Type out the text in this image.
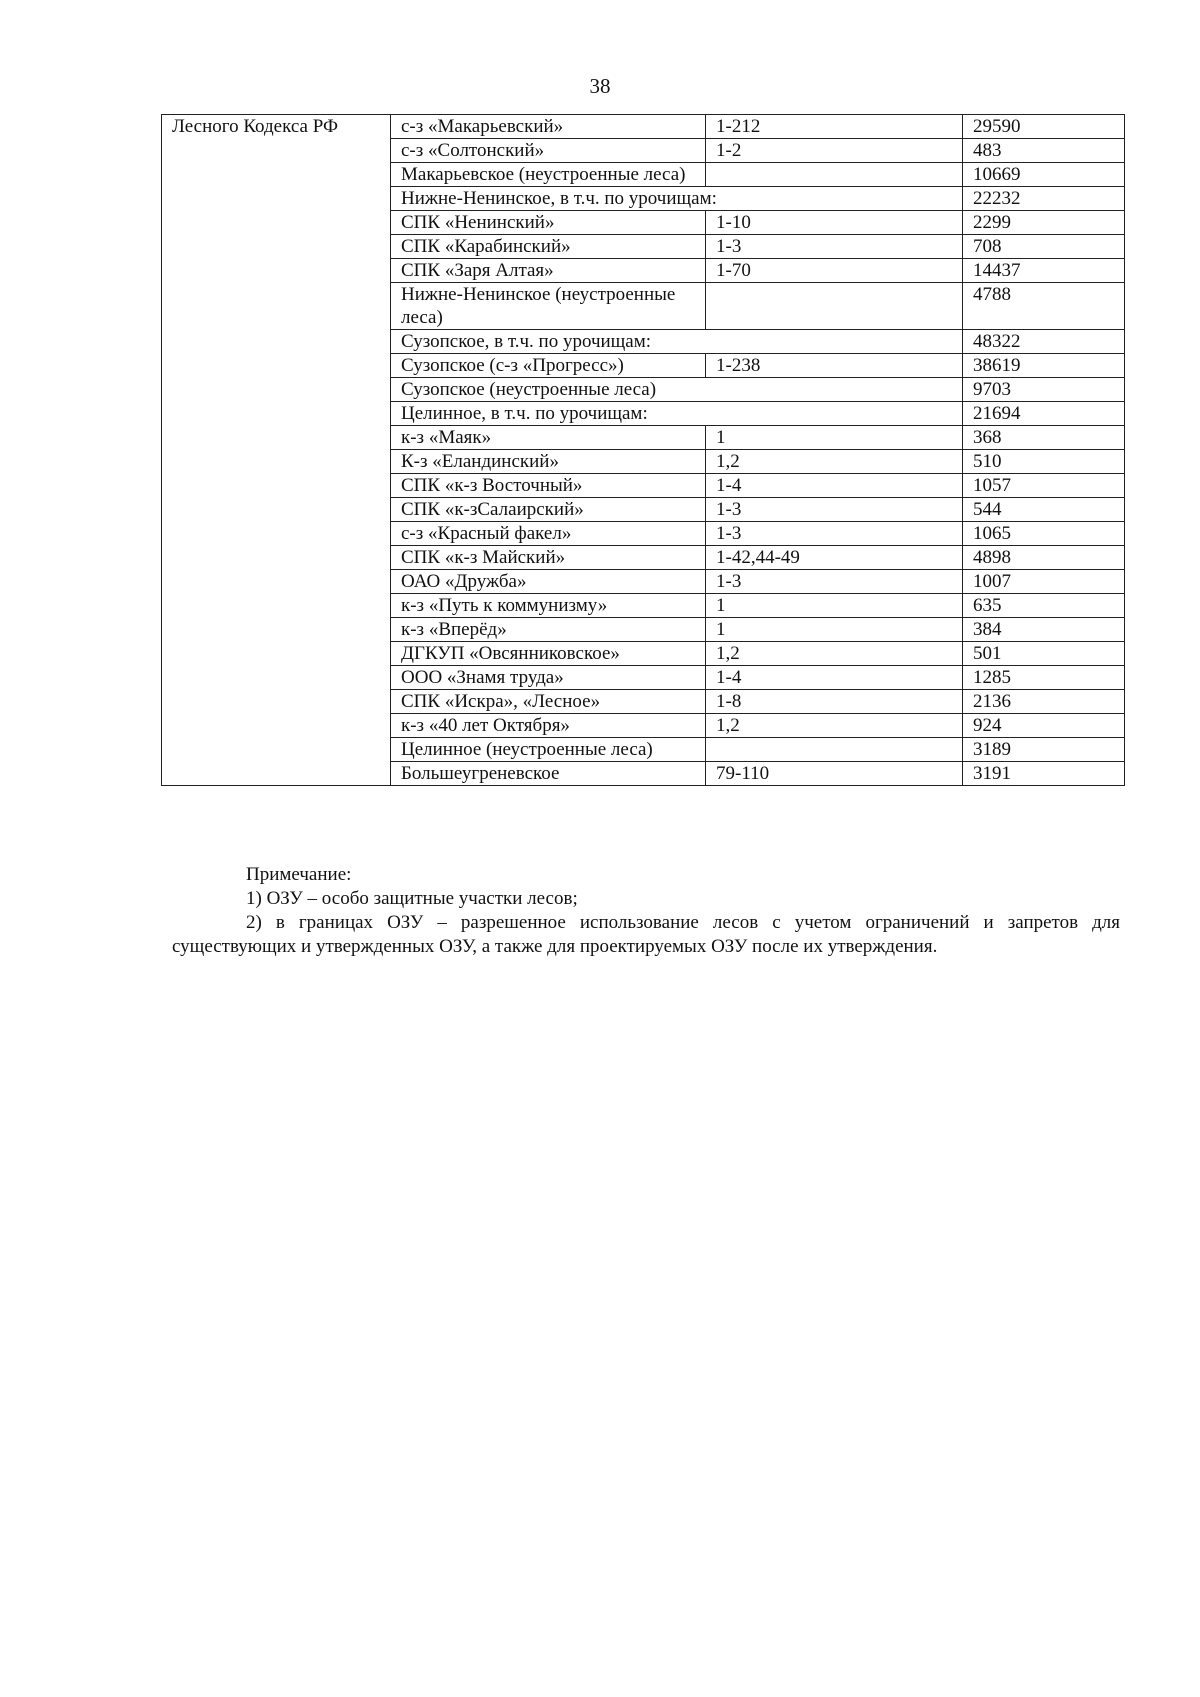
38
Лесного Кодекса РФ	с-з «Макарьевский»	1-212	29590
	с-з «Солтонский»	1-2	483
	Макарьевское (неустроенные леса)		10669
	Нижне-Ненинское, в т.ч. по урочищам:		22232
	СПК «Ненинский»	1-10	2299
	СПК «Карабинский»	1-3	708
	СПК «Заря Алтая»	1-70	14437
	Нижне-Ненинское (неустроенные леса)		4788
	Сузопское, в т.ч. по урочищам:		48322
	Сузопское (с-з «Прогресс»)	1-238	38619
	Сузопское (неустроенные леса)		9703
	Целинное, в т.ч. по урочищам:		21694
	к-з «Маяк»	1	368
	К-з «Еландинский»	1,2	510
	СПК «к-з Восточный»	1-4	1057
	СПК «к-зСалаирский»	1-3	544
	с-з «Красный факел»	1-3	1065
	СПК «к-з Майский»	1-42,44-49	4898
	ОАО «Дружба»	1-3	1007
	к-з «Путь к коммунизму»	1	635
	к-з «Вперёд»	1	384
	ДГКУП «Овсянниковское»	1,2	501
	ООО «Знамя труда»	1-4	1285
	СПК «Искра», «Лесное»	1-8	2136
	к-з «40 лет Октября»	1,2	924
	Целинное (неустроенные леса)		3189
	Большеугреневское	79-110	3191

Примечание:

1) ОЗУ – особо защитные участки лесов;

2) в границах ОЗУ – разрешенное использование лесов с учетом ограничений и запретов для существующих и утвержденных ОЗУ, а также для проектируемых ОЗУ после их утверждения.
